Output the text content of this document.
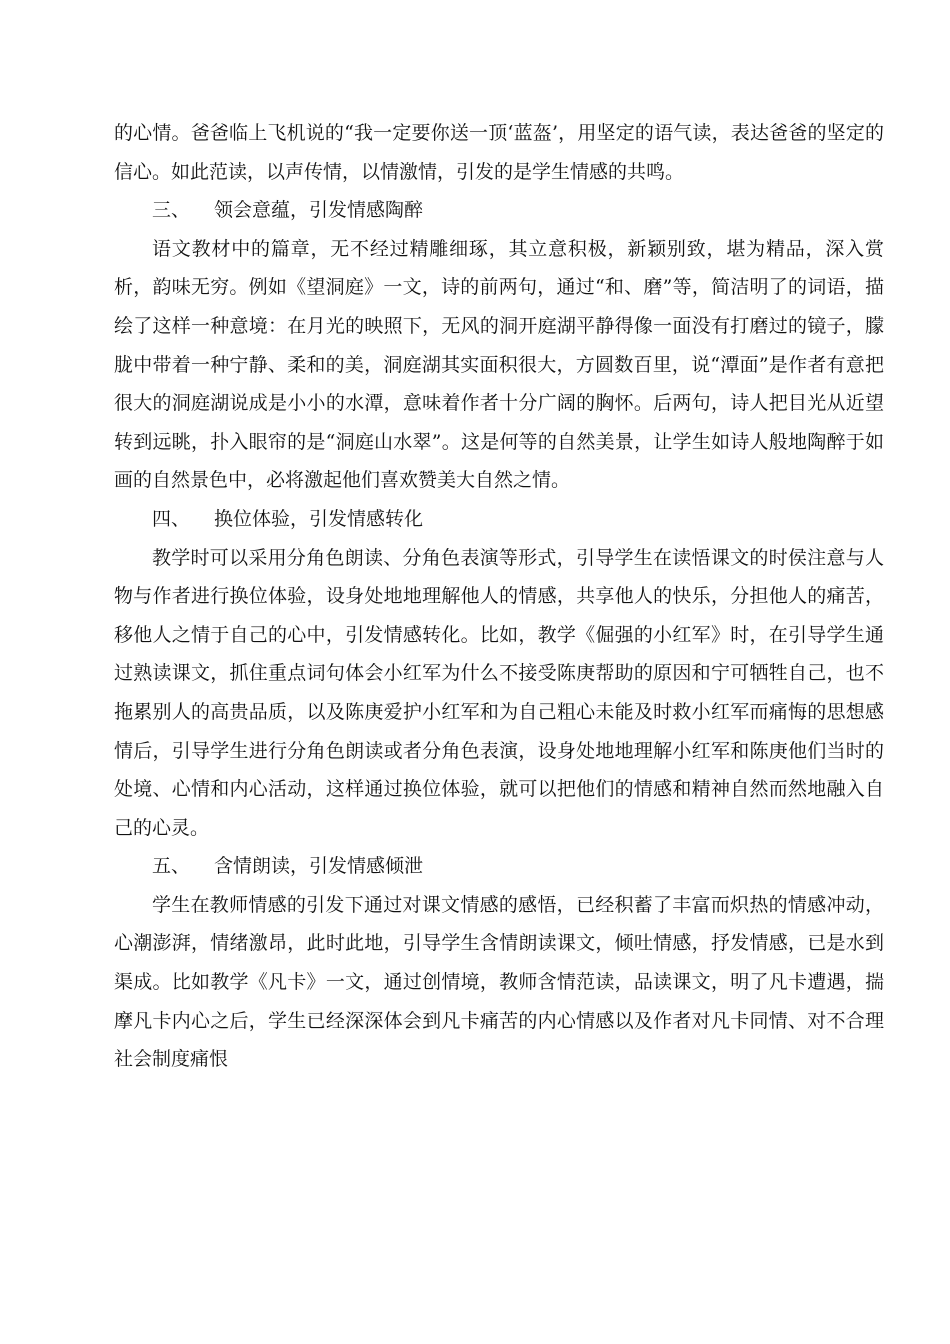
的心情。爸爸临上飞机说的“我一定要你送一顶‘蓝盔’，用坚定的语气读，表达爸爸的坚定的信心。如此范读，以声传情，以情激情，引发的是学生情感的共鸣。

三、 领会意蕴，引发情感陶醉

语文教材中的篇章，无不经过精雕细琢，其立意积极，新颖别致，堪为精品，深入赏析，韵味无穷。例如《望洞庭》一文，诗的前两句，通过“和、磨”等，简洁明了的词语，描绘了这样一种意境：在月光的映照下，无风的洞开庭湖平静得像一面没有打磨过的镜子，朦胧中带着一种宁静、柔和的美，洞庭湖其实面积很大，方圆数百里，说“潭面”是作者有意把很大的洞庭湖说成是小小的水潭，意味着作者十分广阔的胸怀。后两句，诗人把目光从近望转到远眺，扑入眼帘的是“洞庭山水翠”。这是何等的自然美景，让学生如诗人般地陶醉于如画的自然景色中，必将激起他们喜欢赞美大自然之情。

四、 换位体验，引发情感转化

教学时可以采用分角色朗读、分角色表演等形式，引导学生在读悟课文的时侯注意与人物与作者进行换位体验，设身处地地理解他人的情感，共享他人的快乐，分担他人的痛苦，移他人之情于自己的心中，引发情感转化。比如，教学《倔强的小红军》时，在引导学生通过熟读课文，抓住重点词句体会小红军为什么不接受陈庚帮助的原因和宁可牺牲自己，也不拖累别人的高贵品质，以及陈庚爱护小红军和为自己粗心未能及时救小红军而痛悔的思想感情后，引导学生进行分角色朗读或者分角色表演，设身处地地理解小红军和陈庚他们当时的处境、心情和内心活动，这样通过换位体验，就可以把他们的情感和精神自然而然地融入自己的心灵。

五、 含情朗读，引发情感倾泄

学生在教师情感的引发下通过对课文情感的感悟，已经积蓄了丰富而炽热的情感冲动，心潮澎湃，情绪激昂，此时此地，引导学生含情朗读课文，倾吐情感，抒发情感，已是水到渠成。比如教学《凡卡》一文，通过创情境，教师含情范读，品读课文，明了凡卡遭遇，揣摩凡卡内心之后，学生已经深深体会到凡卡痛苦的内心情感以及作者对凡卡同情、对不合理社会制度痛恨
